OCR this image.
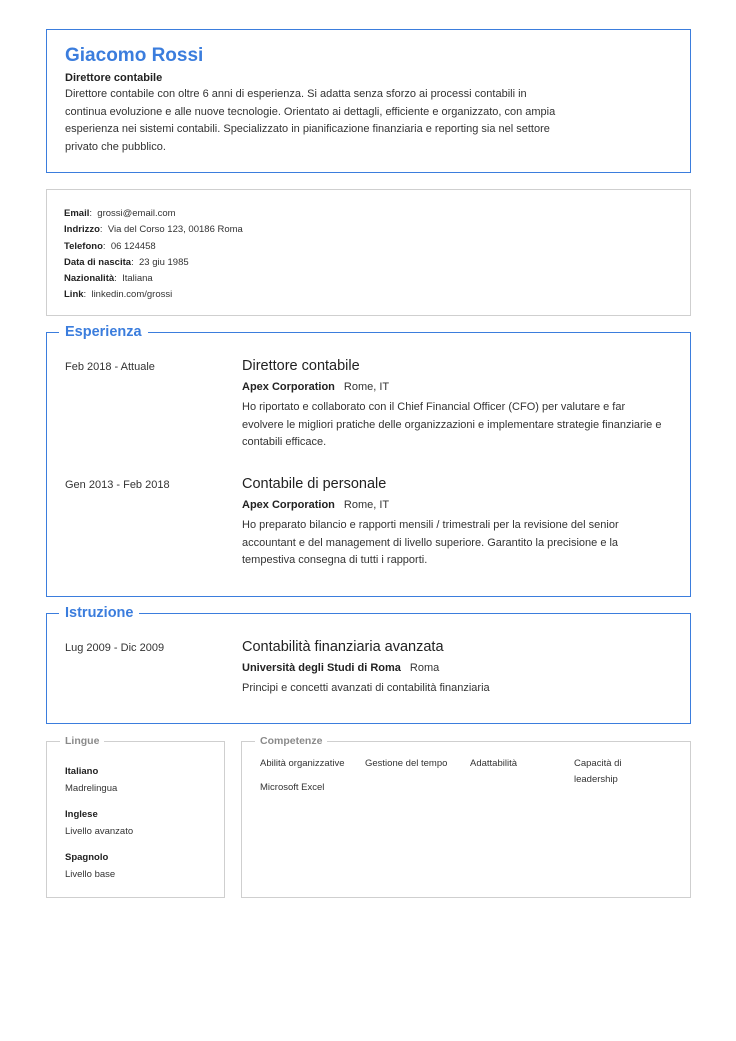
Giacomo Rossi
Direttore contabile
Direttore contabile con oltre 6 anni di esperienza. Si adatta senza sforzo ai processi contabili in continua evoluzione e alle nuove tecnologie. Orientato ai dettagli, efficiente e organizzato, con ampia esperienza nei sistemi contabili. Specializzato in pianificazione finanziaria e reporting sia nel settore privato che pubblico.
Email:  grossi@email.com
Indrizzo:  Via del Corso 123, 00186 Roma
Telefono:  06 124458
Data di nascita:  23 giu 1985
Nazionalità:  Italiana
Link:  linkedin.com/grossi
Esperienza
Feb 2018 - Attuale	Direttore contabile
Apex Corporation Rome, IT
Ho riportato e collaborato con il Chief Financial Officer (CFO) per valutare e far evolvere le migliori pratiche delle organizzazioni e implementare strategie finanziarie e contabili efficace.
Gen 2013 - Feb 2018	Contabile di personale
Apex Corporation Rome, IT
Ho preparato bilancio e rapporti mensili / trimestrali per la revisione del senior accountant e del management di livello superiore. Garantito la precisione e la tempestiva consegna di tutti i rapporti.
Istruzione
Lug 2009 - Dic 2009	Contabilità finanziaria avanzata
Università degli Studi di Roma Roma
Principi e concetti avanzati di contabilità finanziaria
Lingue
Italiano
Madrelingua
Inglese
Livello avanzato
Spagnolo
Livello base
Competenze
Abilità organizzative Gestione del tempo Adattabilità	Capacità di leadership
Microsoft Excel
